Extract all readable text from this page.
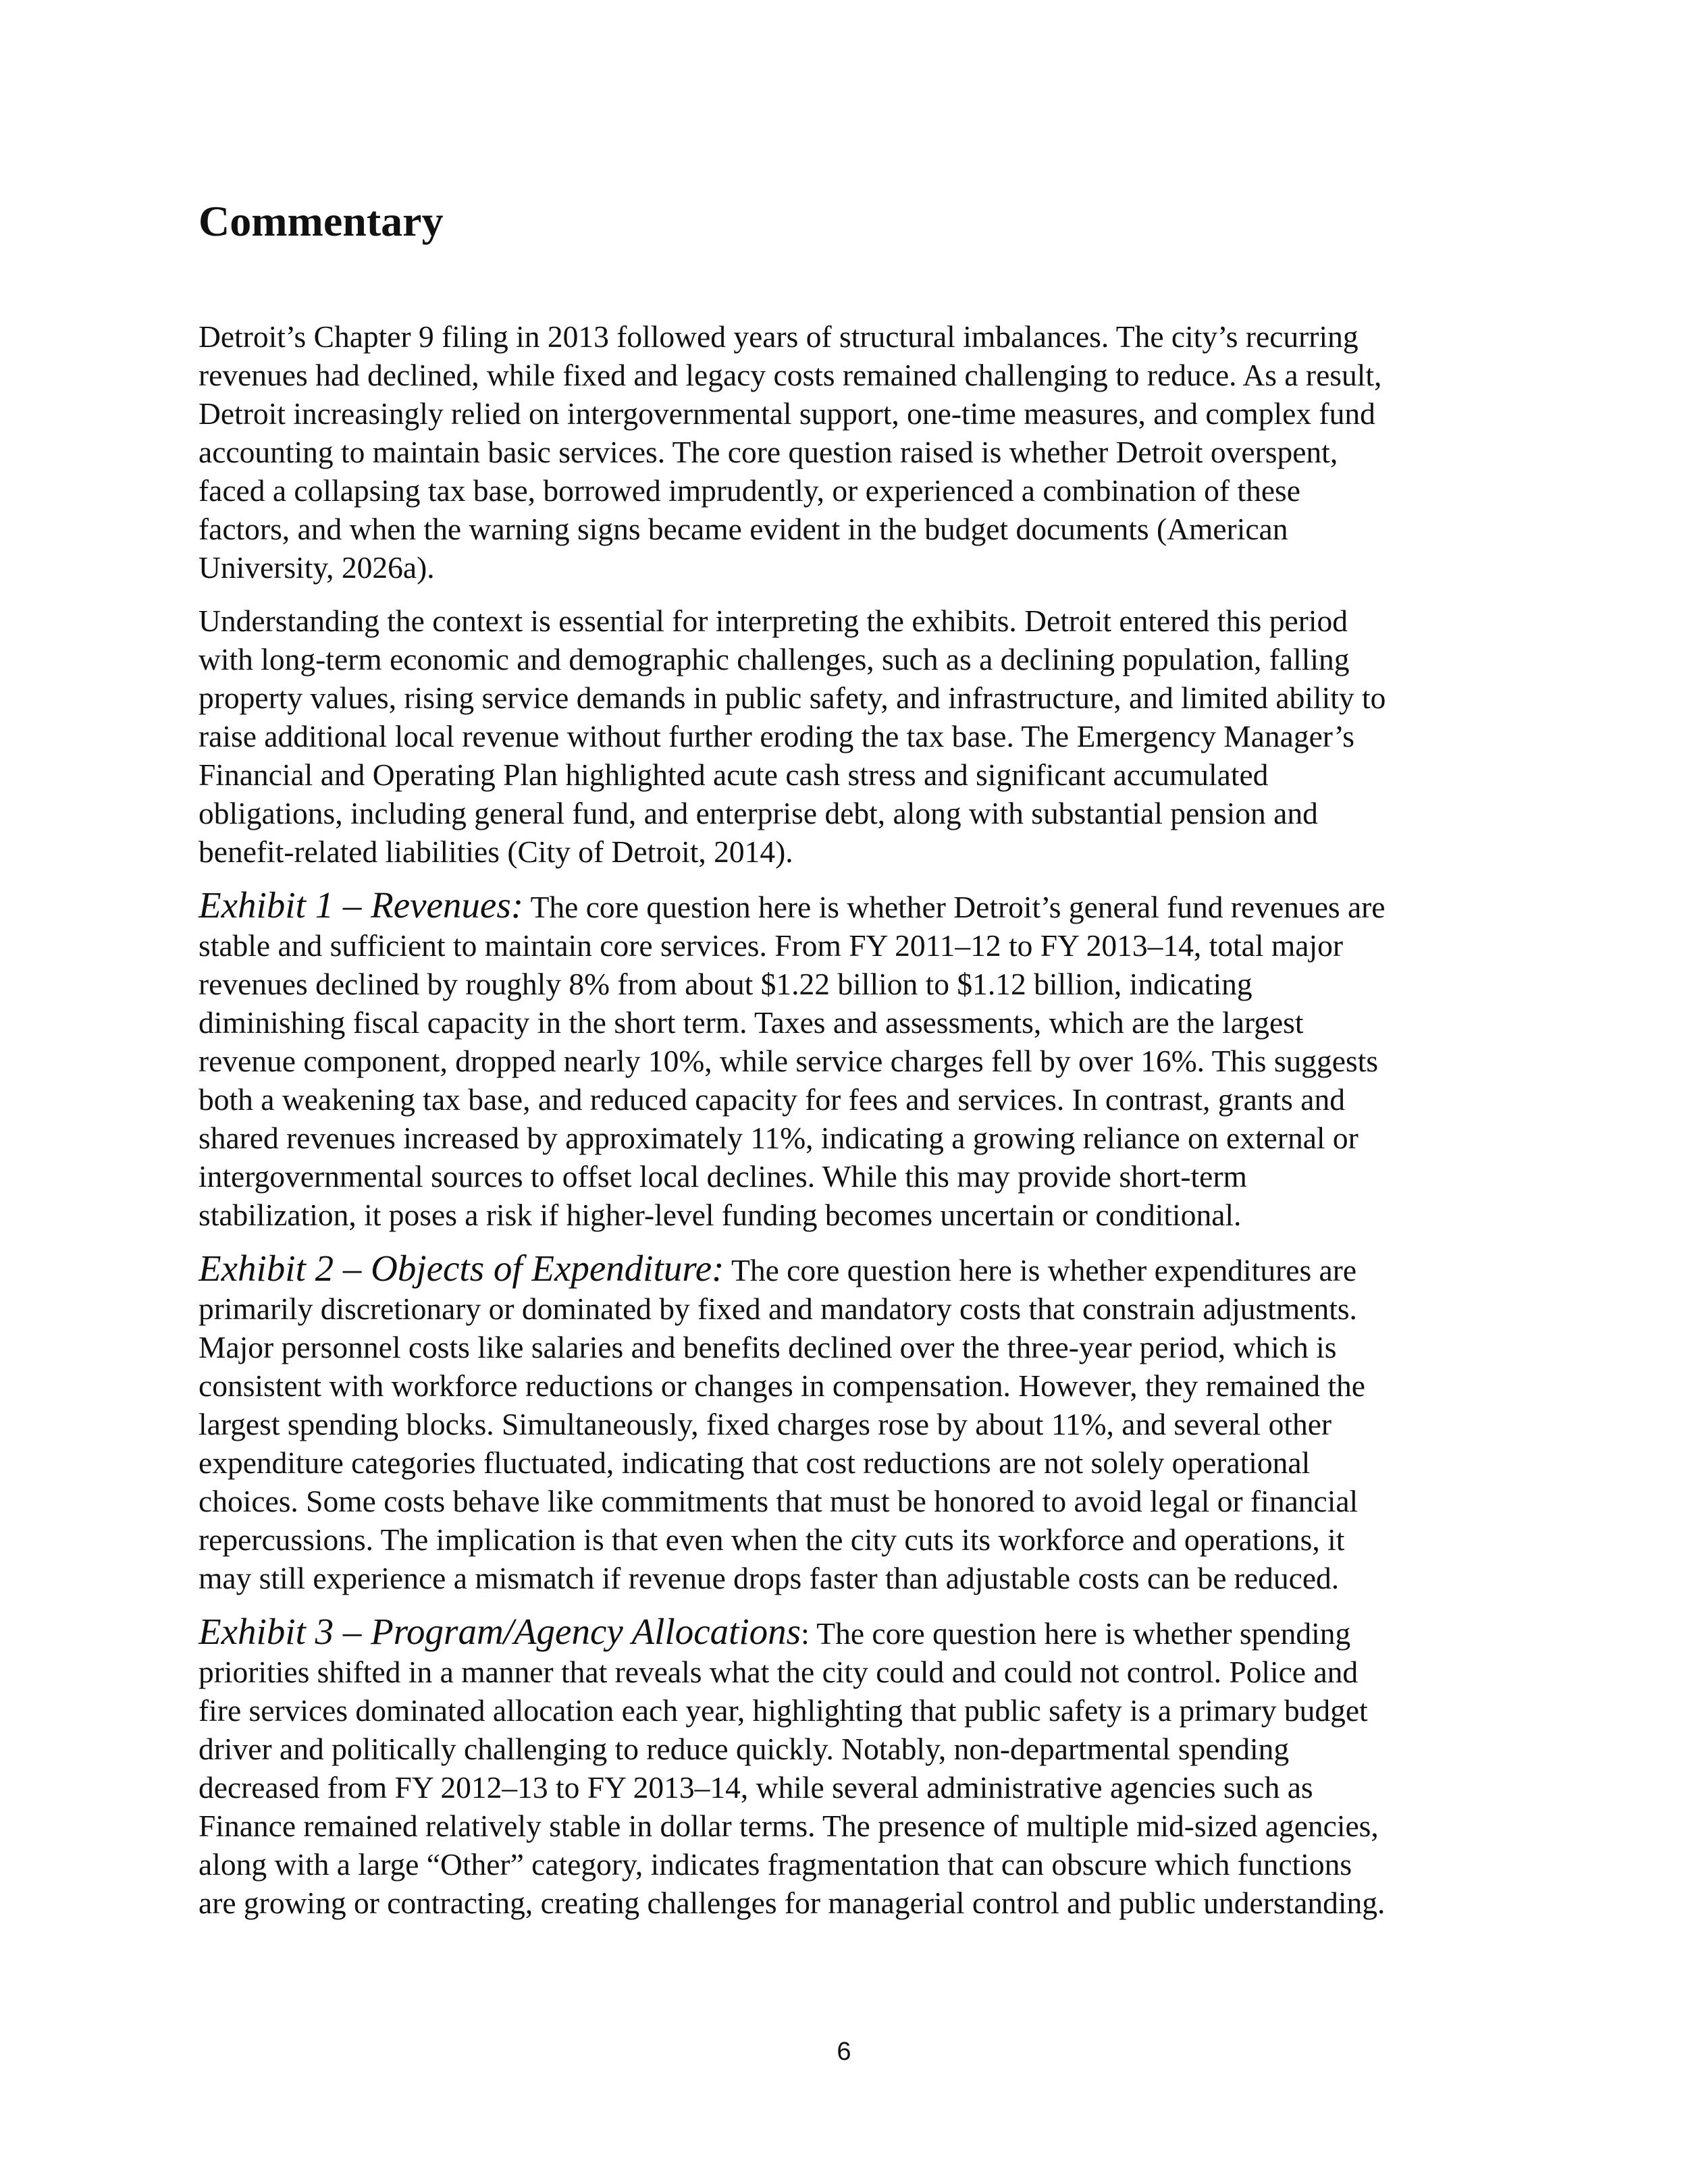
Commentary

Detroit’s Chapter 9 filing in 2013 followed years of structural imbalances. The city’s recurring
revenues had declined, while fixed and legacy costs remained challenging to reduce. As a result,
Detroit increasingly relied on intergovernmental support, one-time measures, and complex fund
accounting to maintain basic services. The core question raised is whether Detroit overspent,
faced a collapsing tax base, borrowed imprudently, or experienced a combination of these
factors, and when the warning signs became evident in the budget documents (American
University, 2026a).

Understanding the context is essential for interpreting the exhibits. Detroit entered this period
with long-term economic and demographic challenges, such as a declining population, falling
property values, rising service demands in public safety, and infrastructure, and limited ability to
raise additional local revenue without further eroding the tax base. The Emergency Manager’s
Financial and Operating Plan highlighted acute cash stress and significant accumulated
obligations, including general fund, and enterprise debt, along with substantial pension and
benefit-related liabilities (City of Detroit, 2014).

Exhibit 1 – Revenues: The core question here is whether Detroit’s general fund revenues are
stable and sufficient to maintain core services. From FY 2011–12 to FY 2013–14, total major
revenues declined by roughly 8% from about $1.22 billion to $1.12 billion, indicating
diminishing fiscal capacity in the short term. Taxes and assessments, which are the largest
revenue component, dropped nearly 10%, while service charges fell by over 16%. This suggests
both a weakening tax base, and reduced capacity for fees and services. In contrast, grants and
shared revenues increased by approximately 11%, indicating a growing reliance on external or
intergovernmental sources to offset local declines. While this may provide short-term
stabilization, it poses a risk if higher-level funding becomes uncertain or conditional.

Exhibit 2 – Objects of Expenditure: The core question here is whether expenditures are
primarily discretionary or dominated by fixed and mandatory costs that constrain adjustments.
Major personnel costs like salaries and benefits declined over the three-year period, which is
consistent with workforce reductions or changes in compensation. However, they remained the
largest spending blocks. Simultaneously, fixed charges rose by about 11%, and several other
expenditure categories fluctuated, indicating that cost reductions are not solely operational
choices. Some costs behave like commitments that must be honored to avoid legal or financial
repercussions. The implication is that even when the city cuts its workforce and operations, it
may still experience a mismatch if revenue drops faster than adjustable costs can be reduced.

Exhibit 3 – Program/Agency Allocations: The core question here is whether spending
priorities shifted in a manner that reveals what the city could and could not control. Police and
fire services dominated allocation each year, highlighting that public safety is a primary budget
driver and politically challenging to reduce quickly. Notably, non-departmental spending
decreased from FY 2012–13 to FY 2013–14, while several administrative agencies such as
Finance remained relatively stable in dollar terms. The presence of multiple mid-sized agencies,
along with a large “Other” category, indicates fragmentation that can obscure which functions
are growing or contracting, creating challenges for managerial control and public understanding.

6
